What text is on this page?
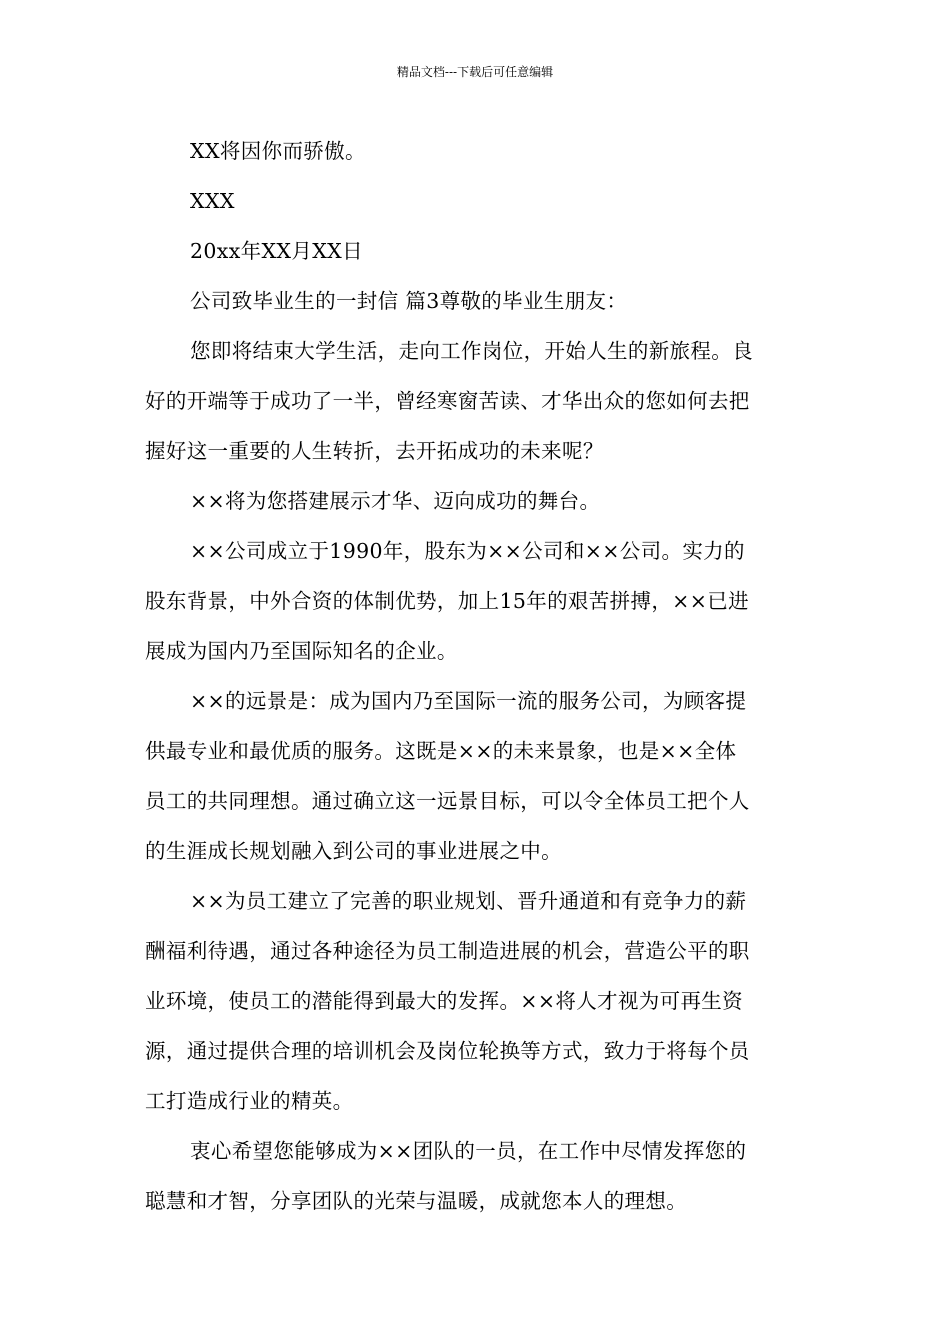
精品文档---下载后可任意编辑
XX将因你而骄傲。
XXX
20xx年XX月XX日
公司致毕业生的一封信 篇3尊敬的毕业生朋友：
您即将结束大学生活，走向工作岗位，开始人生的新旅程。良
好的开端等于成功了一半，曾经寒窗苦读、才华出众的您如何去把
握好这一重要的人生转折，去开拓成功的未来呢？
××将为您搭建展示才华、迈向成功的舞台。
××公司成立于1990年，股东为××公司和××公司。实力的
股东背景，中外合资的体制优势，加上15年的艰苦拼搏，××已进
展成为国内乃至国际知名的企业。
××的远景是：成为国内乃至国际一流的服务公司，为顾客提
供最专业和最优质的服务。这既是××的未来景象，也是××全体
员工的共同理想。通过确立这一远景目标，可以令全体员工把个人
的生涯成长规划融入到公司的事业进展之中。
××为员工建立了完善的职业规划、晋升通道和有竞争力的薪
酬福利待遇，通过各种途径为员工制造进展的机会，营造公平的职
业环境，使员工的潜能得到最大的发挥。××将人才视为可再生资
源，通过提供合理的培训机会及岗位轮换等方式，致力于将每个员
工打造成行业的精英。
衷心希望您能够成为××团队的一员，在工作中尽情发挥您的
聪慧和才智，分享团队的光荣与温暖，成就您本人的理想。
